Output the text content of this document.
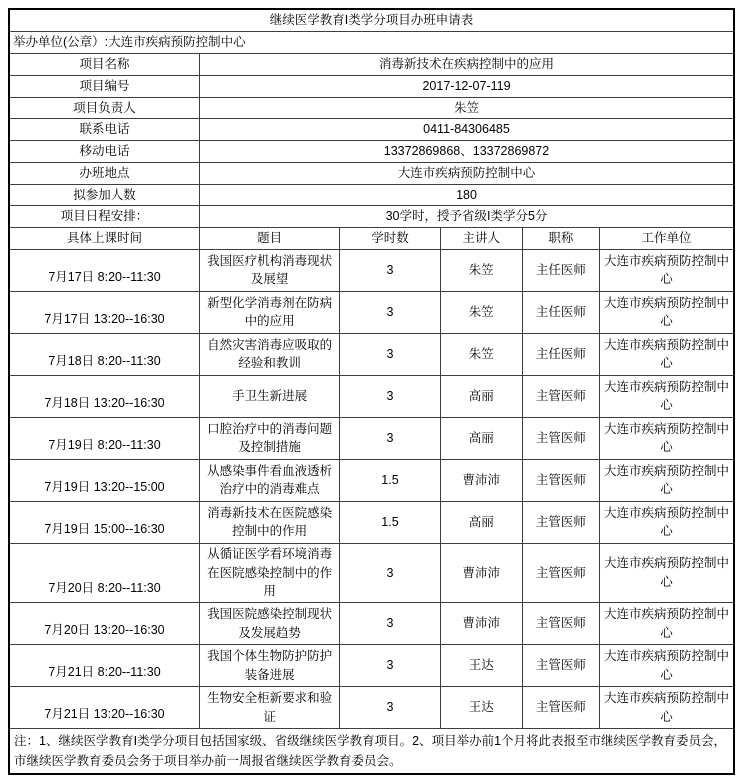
继续医学教育I类学分项目办班申请表					
举办单位(公章）:大连市疾病预防控制中心					
项目名称	消毒新技术在疾病控制中的应用				
项目编号	2017-12-07-119				
项目负责人	朱笠				
联系电话	0411-84306485				
移动电话	13372869868、13372869872				
办班地点	大连市疾病预防控制中心				
拟参加人数	180				
项目日程安排：	30学时，授予省级I类学分5分				
具体上课时间	题目	学时数	主讲人	职称	工作单位
7月17日 8:20--11:30	我国医疗机构消毒现状及展望	3	朱笠	主任医师	大连市疾病预防控制中心
7月17日 13:20--16:30	新型化学消毒剂在防病中的应用	3	朱笠	主任医师	大连市疾病预防控制中心
7月18日 8:20--11:30	自然灾害消毒应吸取的经验和教训	3	朱笠	主任医师	大连市疾病预防控制中心
7月18日 13:20--16:30	手卫生新进展	3	高丽	主管医师	大连市疾病预防控制中心
7月19日 8:20--11:30	口腔治疗中的消毒问题及控制措施	3	高丽	主管医师	大连市疾病预防控制中心
7月19日 13:20--15:00	从感染事件看血液透析治疗中的消毒难点	1.5	曹沛沛	主管医师	大连市疾病预防控制中心
7月19日 15:00--16:30	消毒新技术在医院感染控制中的作用	1.5	高丽	主管医师	大连市疾病预防控制中心
7月20日 8:20--11:30	从循证医学看环境消毒在医院感染控制中的作用	3	曹沛沛	主管医师	大连市疾病预防控制中心
7月20日 13:20--16:30	我国医院感染控制现状及发展趋势	3	曹沛沛	主管医师	大连市疾病预防控制中心
7月21日 8:20--11:30	我国个体生物防护防护装备进展	3	王达	主管医师	大连市疾病预防控制中心
7月21日 13:20--16:30	生物安全柜新要求和验证	3	王达	主管医师	大连市疾病预防控制中心
注：1、继续医学教育Ⅰ类学分项目包括国家级、省级继续医学教育项目。2、项目举办前1个月将此表报至市继续医学教育委员会，市继续医学教育委员会务于项目举办前一周报省继续医学教育委员会。					
